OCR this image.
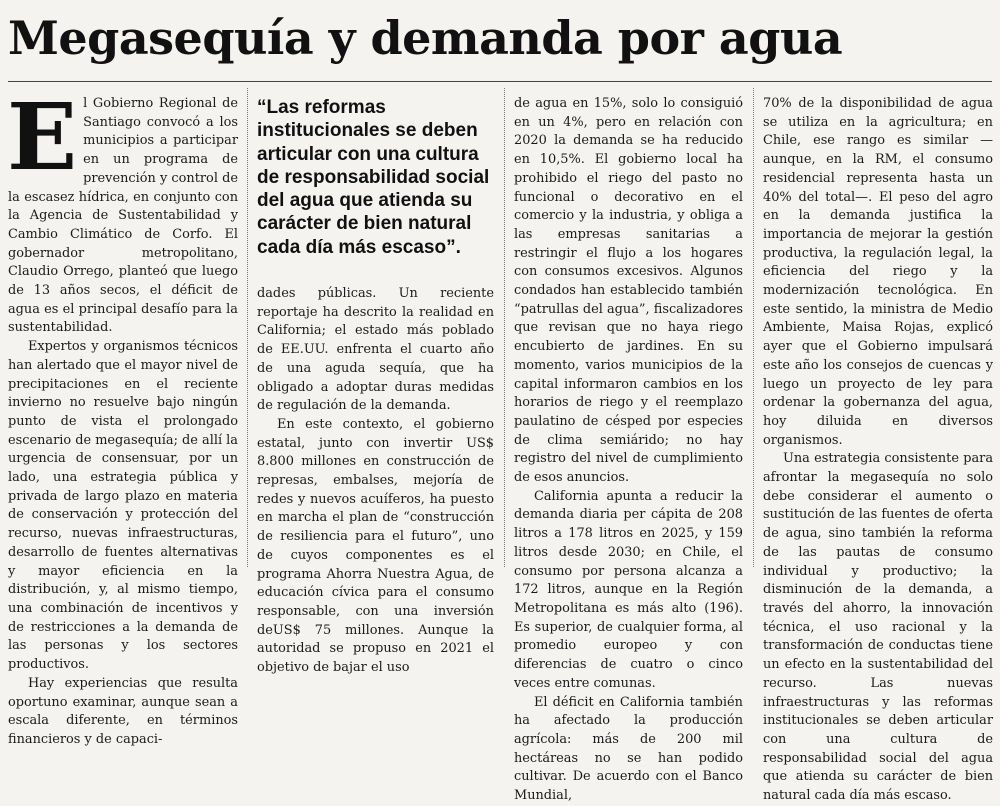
Megasequía y demanda por agua

El Gobierno Regional de Santiago convocó a los municipios a participar en un programa de prevención y control de la escasez hídrica, en conjunto con la Agencia de Sustentabilidad y Cambio Climático de Corfo. El gobernador metropolitano, Claudio Orrego, planteó que luego de 13 años secos, el déficit de agua es el principal desafío para la sustentabilidad.

Expertos y organismos técnicos han alertado que el mayor nivel de precipitaciones en el reciente invierno no resuelve bajo ningún punto de vista el prolongado escenario de megasequía; de allí la urgencia de consensuar, por un lado, una estrategia pública y privada de largo plazo en materia de conservación y protección del recurso, nuevas infraestructuras, desarrollo de fuentes alternativas y mayor eficiencia en la distribución, y, al mismo tiempo, una combinación de incentivos y de restricciones a la demanda de las personas y los sectores productivos.

Hay experiencias que resulta oportuno examinar, aunque sean a escala diferente, en términos financieros y de capaci-

“Las reformas institucionales se deben articular con una cultura de responsabilidad social del agua que atienda su carácter de bien natural cada día más escaso”.

dades públicas. Un reciente reportaje ha descrito la realidad en California; el estado más poblado de EE.UU. enfrenta el cuarto año de una aguda sequía, que ha obligado a adoptar duras medidas de regulación de la demanda.

En este contexto, el gobierno estatal, junto con invertir US$ 8.800 millones en construcción de represas, embalses, mejoría de redes y nuevos acuíferos, ha puesto en marcha el plan de “construcción de resiliencia para el futuro”, uno de cuyos componentes es el programa Ahorra Nuestra Agua, de educación cívica para el consumo responsable, con una inversión deUS$ 75 millones. Aunque la autoridad se propuso en 2021 el objetivo de bajar el uso

de agua en 15%, solo lo consiguió en un 4%, pero en relación con 2020 la demanda se ha reducido en 10,5%. El gobierno local ha prohibido el riego del pasto no funcional o decorativo en el comercio y la industria, y obliga a las empresas sanitarias a restringir el flujo a los hogares con consumos excesivos. Algunos condados han establecido también “patrullas del agua”, fiscalizadores que revisan que no haya riego encubierto de jardines. En su momento, varios municipios de la capital informaron cambios en los horarios de riego y el reemplazo paulatino de césped por especies de clima semiárido; no hay registro del nivel de cumplimiento de esos anuncios.

California apunta a reducir la demanda diaria per cápita de 208 litros a 178 litros en 2025, y 159 litros desde 2030; en Chile, el consumo por persona alcanza a 172 litros, aunque en la Región Metropolitana es más alto (196). Es superior, de cualquier forma, al promedio europeo y con diferencias de cuatro o cinco veces entre comunas.

El déficit en California también ha afectado la producción agrícola: más de 200 mil hectáreas no se han podido cultivar. De acuerdo con el Banco Mundial,

70% de la disponibilidad de agua se utiliza en la agricultura; en Chile, ese rango es similar —aunque, en la RM, el consumo residencial representa hasta un 40% del total—. El peso del agro en la demanda justifica la importancia de mejorar la gestión productiva, la regulación legal, la eficiencia del riego y la modernización tecnológica. En este sentido, la ministra de Medio Ambiente, Maisa Rojas, explicó ayer que el Gobierno impulsará este año los consejos de cuencas y luego un proyecto de ley para ordenar la gobernanza del agua, hoy diluida en diversos organismos.

Una estrategia consistente para afrontar la megasequía no solo debe considerar el aumento o sustitución de las fuentes de oferta de agua, sino también la reforma de las pautas de consumo individual y productivo; la disminución de la demanda, a través del ahorro, la innovación técnica, el uso racional y la transformación de conductas tiene un efecto en la sustentabilidad del recurso. Las nuevas infraestructuras y las reformas institucionales se deben articular con una cultura de responsabilidad social del agua que atienda su carácter de bien natural cada día más escaso.
